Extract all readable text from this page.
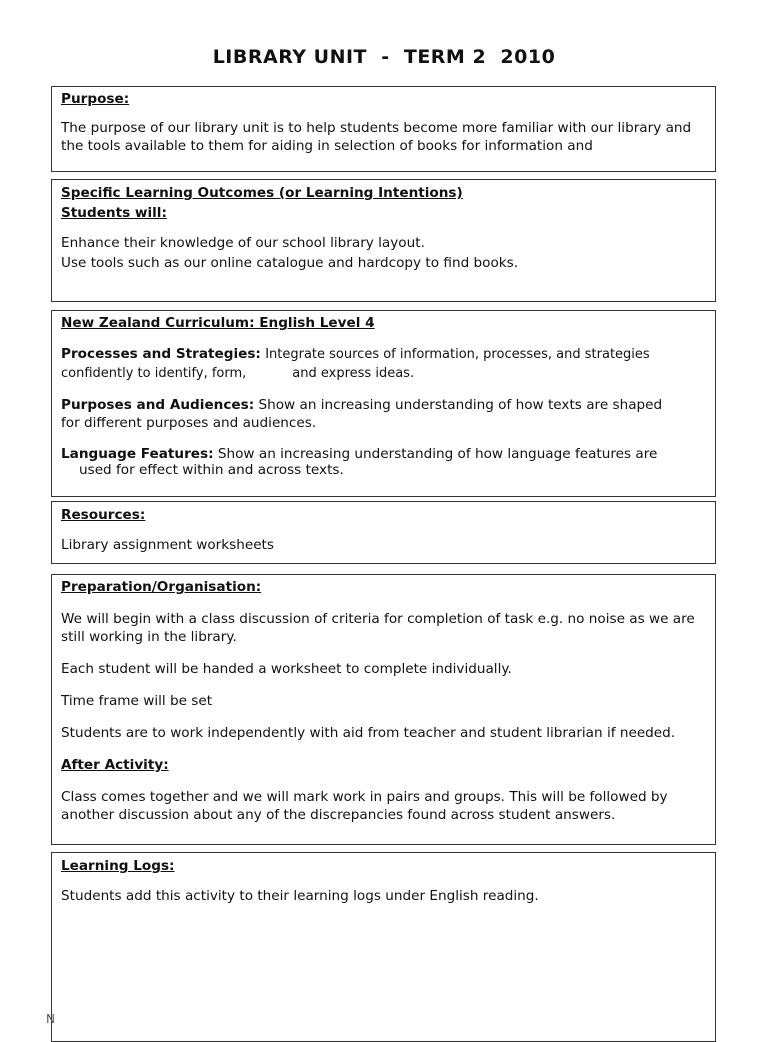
LIBRARY UNIT  -  TERM 2  2010

Purpose:

The purpose of our library unit is to help students become more familiar with our library and the tools available to them for aiding in selection of books for information and

Specific Learning Outcomes (or Learning Intentions)

Students will:

Enhance their knowledge of our school library layout.

Use tools such as our online catalogue and hardcopy to find books.

New Zealand Curriculum: English Level 4

Processes and Strategies: Integrate sources of information, processes, and strategies
confidently to identify, form,	and express ideas.

Purposes and Audiences: Show an increasing understanding of how texts are shaped
for different purposes and audiences.

Language Features: Show an increasing understanding of how language features are
used for effect within and across texts.

Resources:

Library assignment worksheets

Preparation/Organisation:

We will begin with a class discussion of criteria for completion of task e.g. no noise as we are still working in the library.

Each student will be handed a worksheet to complete individually.

Time frame will be set

Students are to work independently with aid from teacher and student librarian if needed.

After Activity:

Class comes together and we will mark work in pairs and groups. This will be followed by another discussion about any of the discrepancies found across student answers.

Learning Logs:

Students add this activity to their learning logs under English reading.

N
